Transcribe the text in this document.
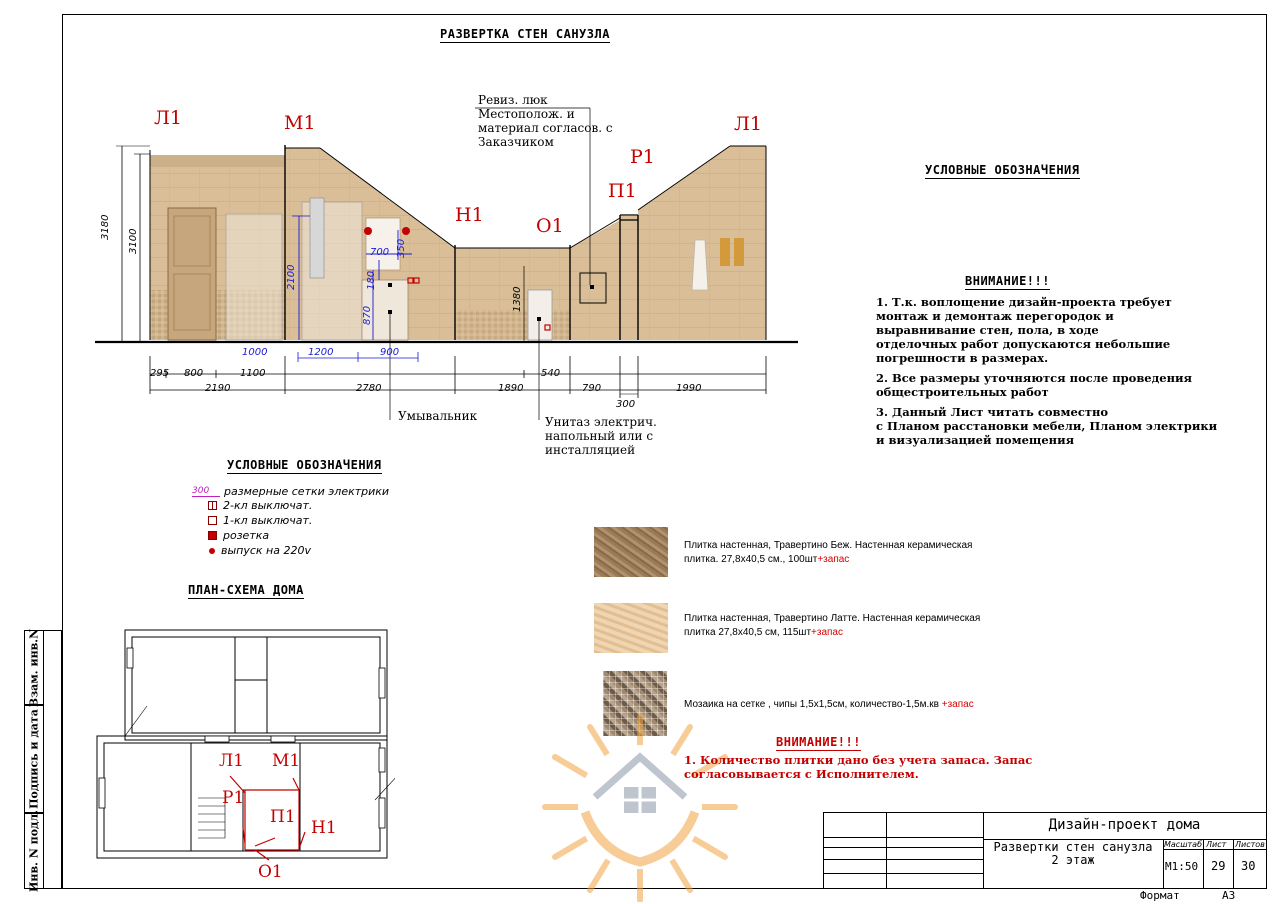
Взам. инв.N
Подпись и дата
Инв. N подл.
РАЗВЕРТКА СТЕН САНУЗЛА
Л1	М1
Н1	О1
П1
Р1
Л1
Ревиз. люк
Местополож. и
материал согласов. с
Заказчиком
3180
3100
2100
870
180
350
1380
700
1000	1200	900
295 800	1100	540
2190	2780	1890	790	1990
300
Умывальник	Унитаз электрич.
напольный или с
инсталляцией
УСЛОВНЫЕ ОБОЗНАЧЕНИЯ
ВНИМАНИЕ!!!
1. Т.к. воплощение дизайн-проекта требует
монтаж и демонтаж перегородок и
выравнивание стен, пола, в ходе
отделочных работ допускаются небольшие
погрешности в размерах.
2. Все размеры уточняются после проведения
общестроительных работ
3. Данный Лист читать совместно
с Планом расстановки мебели, Планом электрики
и визуализацией помещения
УСЛОВНЫЕ ОБОЗНАЧЕНИЯ
300	размерные сетки электрики
2-кл выключат.
1-кл выключат.
розетка
выпуск на 220v
ПЛАН-СХЕМА ДОМА
Л1 М1
Р1
П1
Н1
О1
Плитка настенная, Травертино Беж. Настенная керамическая
плитка. 27,8х40,5 см., 100шт+запас
Плитка настенная, Травертино Латте. Настенная керамическая
плитка 27,8х40,5 см, 115шт+запас
Мозаика на сетке , чипы 1,5х1,5см, количество-1,5м.кв +запас
ВНИМАНИЕ!!!
1. Количество плитки дано без учета запаса. Запас
согласовывается с Исполнителем.
Дизайн-проект дома
Развертки стен санузла
2 этаж
Масштаб Лист Листов
М1:50 29 30
Формат	А3
